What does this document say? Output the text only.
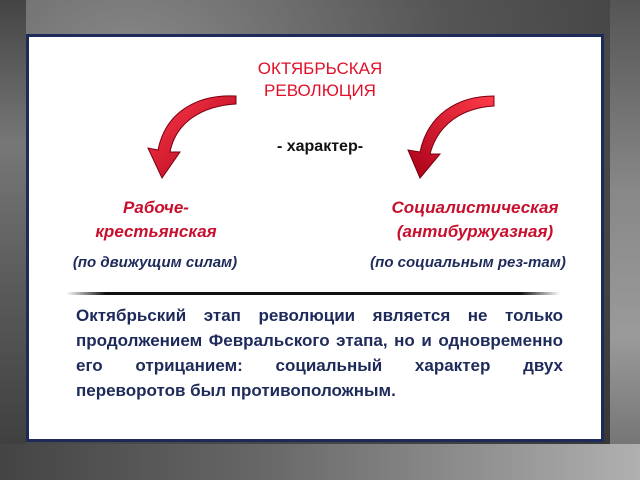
ОКТЯБРЬСКАЯ
РЕВОЛЮЦИЯ
- характер-
Рабоче-
крестьянская
(по движущим силам)
Социалистическая
(антибуржуазная)
(по социальным рез-там)
Октябрьский этап революции является не только продолжением Февральского этапа, но и одновременно его отрицанием: социальный характер двух переворотов был противоположным.
